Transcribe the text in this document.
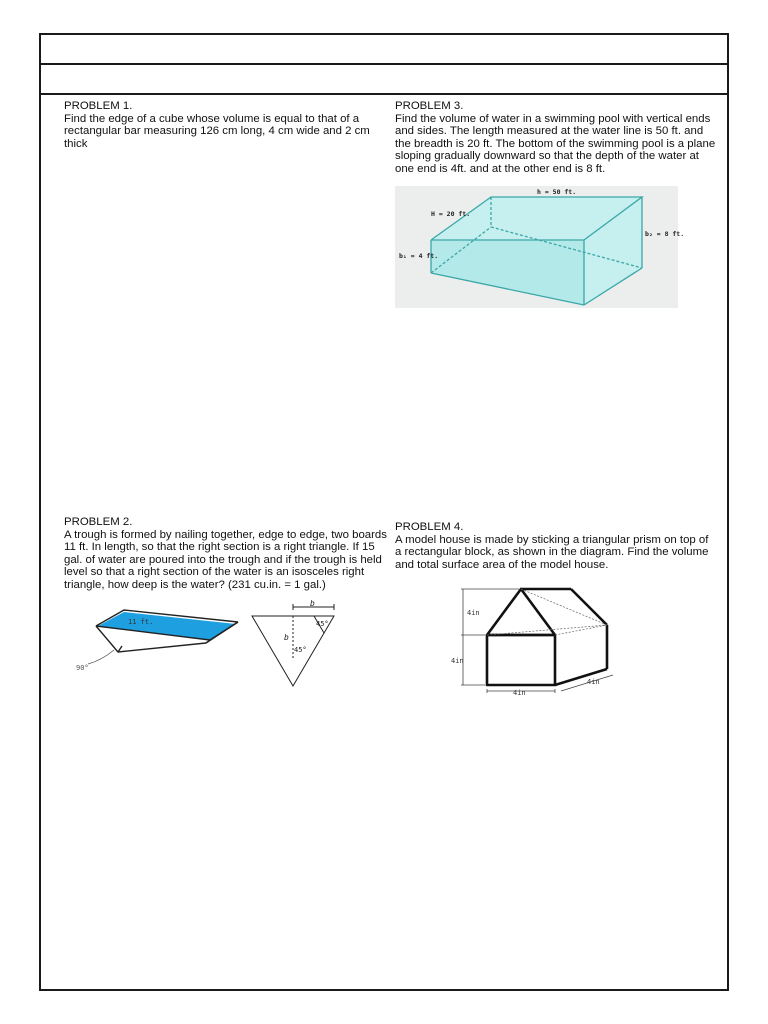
PROBLEM 1.
Find the edge of a cube whose volume is equal to that of a rectangular bar measuring 126 cm long, 4 cm wide and 2 cm thick
PROBLEM 3.
Find the volume of water in a swimming pool with vertical ends and sides. The length measured at the water line is 50 ft. and the breadth is 20 ft. The bottom of the swimming pool is a plane sloping gradually downward so that the depth of the water at one end is 4ft. and at the other end is 8 ft.
PROBLEM 2.
A trough is formed by nailing together, edge to edge, two boards 11 ft. In length, so that the right section is a right triangle. If 15 gal. of water are poured into the trough and if the trough is held level so that a right section of the water is an isosceles right triangle, how deep is the water? (231 cu.in. = 1 gal.)
PROBLEM 4.
A model house is made by sticking a triangular prism on top of a rectangular block, as shown in the diagram. Find the volume and total surface area of the model house.
h = 50 ft.
H = 20 ft.
b₁ = 4 ft.
b₂ = 8 ft.
11 ft.
90°
b
45°
b
45°
4in
4in
4in
4in
